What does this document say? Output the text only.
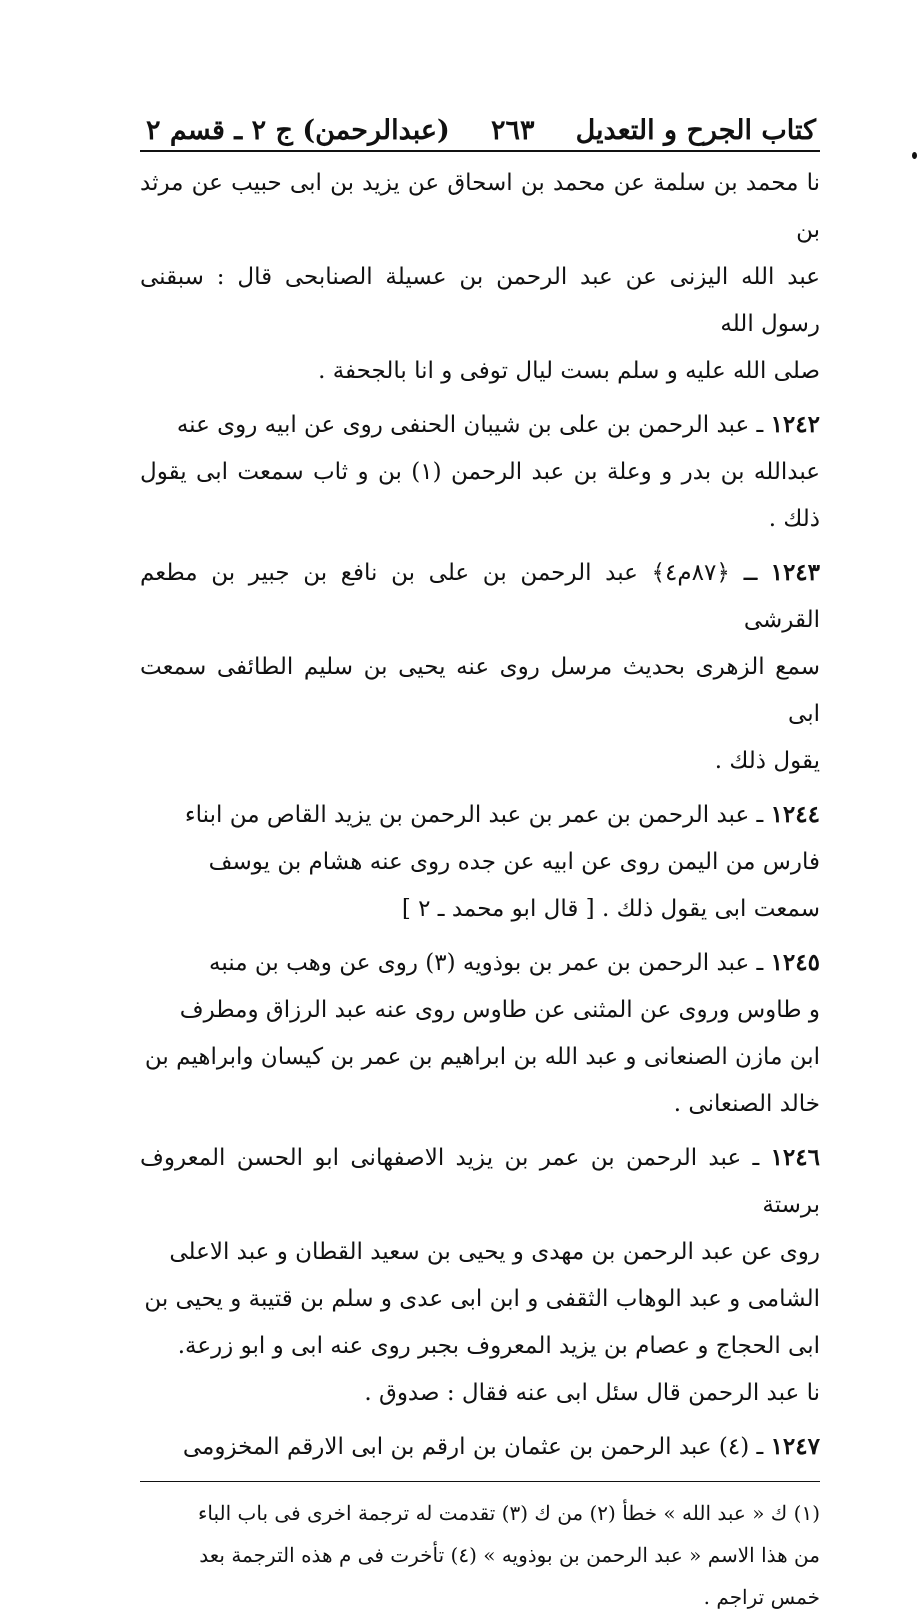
كتاب الجرح و التعديل
٢٦٣
(عبدالرحمن) ج ٢ ـ قسم ٢
نا محمد بن سلمة عن محمد بن اسحاق عن يزيد بن ابى حبيب عن مرثد بن
عبد الله اليزنى عن عبد الرحمن بن عسيلة الصنابحى قال : سبقنى رسول الله
صلى الله عليه و سلم بست ليال توفى و انا بالجحفة .
١٢٤٢ ـ عبد الرحمن بن على بن شيبان الحنفى روى عن ابيه روى عنه
عبدالله بن بدر و وعلة بن عبد الرحمن (١) بن و ثاب سمعت ابى يقول ذلك .
١٢٤٣ ـ ﴿٨٧م٤﴾ عبد الرحمن بن على بن نافع بن جبير بن مطعم القرشى
سمع الزهرى بحديث مرسل روى عنه يحيى بن سليم الطائفى سمعت ابى
يقول ذلك .
١٢٤٤ ـ عبد الرحمن بن عمر بن عبد الرحمن بن يزيد القاص من ابناء
فارس من اليمن روى عن ابيه عن جده روى عنه هشام بن يوسف
سمعت ابى يقول ذلك . [ قال ابو محمد ـ ٢ ]
١٢٤٥ ـ عبد الرحمن بن عمر بن بوذويه (٣) روى عن وهب بن منبه
و طاوس وروى عن المثنى عن طاوس روى عنه عبد الرزاق ومطرف
ابن مازن الصنعانى و عبد الله بن ابراهيم بن عمر بن كيسان وابراهيم بن
خالد الصنعانى .
١٢٤٦ ـ عبد الرحمن بن عمر بن يزيد الاصفهانى ابو الحسن المعروف برستة
روى عن عبد الرحمن بن مهدى و يحيى بن سعيد القطان و عبد الاعلى
الشامى و عبد الوهاب الثقفى و ابن ابى عدى و سلم بن قتيبة و يحيى بن
ابى الحجاج و عصام بن يزيد المعروف بجبر روى عنه ابى و ابو زرعة.
نا عبد الرحمن قال سئل ابى عنه فقال : صدوق .
١٢٤٧ ـ (٤) عبد الرحمن بن عثمان بن ارقم بن ابى الارقم المخزومى
(١) ك « عبد الله » خطأ (٢) من ك (٣) تقدمت له ترجمة اخرى فى باب الباء
من هذا الاسم « عبد الرحمن بن بوذويه » (٤) تأخرت فى م هذه الترجمة بعد
خمس تراجم .
